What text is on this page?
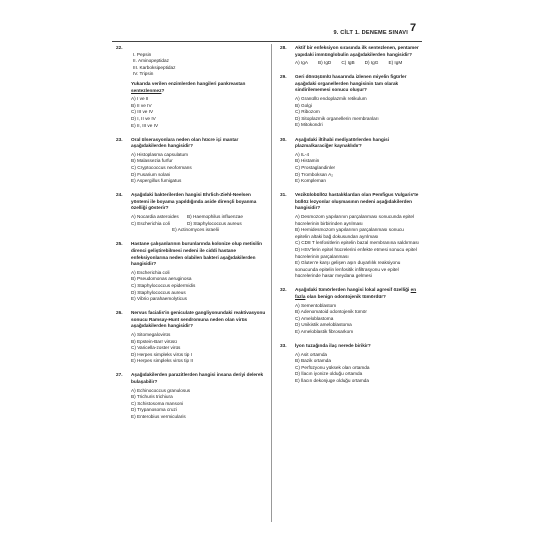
9. CİLT 1. DENEME SINAVI 7
22.
I. Pepsin
II. Aminopeptidaz
III. Karboksipeptidaz
IV. Tripsin
Yukarıda verilen enzimlerden hangileri pankreastan sentezlenmez?
A) I ve II
B) II ve IV
C) III ve IV
D) I, II ve IV
E) II, III ve IV
23.	Oral ülserasyonlara neden olan hücre içi mantar aşağıdakilerden hangisidir?
A) Histoplasma capsulatum
B) Malassezia furfur
C) Cryptococcus neoformans
D) Fusarium solani
E) Aspergillus fumigatus
24.	Aşağıdaki bakterilerden hangisi Ehrlich-Ziehl-Neelsen yöntemi ile boyama yapıldığında aside dirençli boyanma özelliği gösterir?
A) Nocardia asteroides	B) Haemophilus influenzae
C) Escherichia coli	D) Staphylococcus aureus
E) Actinomyces israelii
25.	Hastane çalışanlarının burunlarında kolonize olup metisilin direnci geliştirebilmesi nedeni ile ciddi hastane enfeksiyonlarına neden olabilen bakteri aşağıdakilerden hangisidir?
A) Escherichia coli
B) Pseudomonas aeruginosa
C) Staphylococcus epidermidis
D) Staphylococcus aureus
E) Vibrio parahaemolyticus
26.	Nervus facialis'in geniculate gangliyonundaki reaktivasyonu sonucu Ramsay-Hunt sendromuna neden olan virüs aşağıdakilerden hangisidir?
A) Sitomegalovirüs
B) Epstein-Barr virüsü
C) Varicella-zoster virüs
D) Herpes simpleks virüs tip I
E) Herpes simpleks virüs tip II
27.	Aşağıdakilerden parazitlerden hangisi insana deriyi delerek bulaşabilir?
A) Echinococcus granulosus
B) Trichuris trichiura
C) Schistosoma mansoni
D) Trypanosoma cruzi
E) Enterobius vermicularis
28.	Aktif bir enfeksiyon sırasında ilk sentezlenen, pentamer yapıdaki immünglobulin aşağıdakilerden hangisidir?
A) IgA B) IgD C) IgB D) IgG E) IgM
29.	Geri dönüşümlü hasarında izlenen miyelin figürler aşağıdaki organellerden hangisinin tam olarak sindirilememesi sonucu oluşur?
A) Granüllü endoplazmik retikulum
B) Golgi
C) Ribozom
D) Sitoplazmik organellerin membranları
E) Mitokondri
30.	Aşağıdaki iltihabi mediyatörlerden hangisi plazma/karaciğer kaynaklıdır?
A) IL-4
B) Histamin
C) Prostaglandinler
D) Tromboksan A₂
E) Kompleman
31.	Vezikülobüllöz hastalıklardan olan Pemfigus Vulgaris'te büllöz lezyonlar oluşmasının nedeni aşağıdakilerden hangisidir?
A) Desmozom yapılarının parçalanması sonucunda epitel hücrelerinin birbirinden ayrılması
B) Hemidesmozom yapılarının parçalanması sonucu epitelin altaki bağ dokusundan ayrılması
C) CD8 T lenfositlerin epitelin bazal membranına saldırması
D) HSV'lerin epitel hücrelerini enfekte etmesi sonucu epitel hücrelerinin parçalanması
E) Gluten'e karşı gelişen aşırı duyarlılık reaksiyonu sonucunda epitelin lenfositik infiltrasyonu ve epitel hücrelerinde hasar meydana gelmesi
32.	Aşağıdaki tümörlerden hangisi lokal agresif özelliği en fazla olan benign odontojenik tümördür?
A) Sementoblastom
B) Adenomatoid odontojenik tümör
C) Ameloblastoma
D) Unikistik ameloblastoma
E) Ameloblastik fibrosarkom
33.	İyon tuzağında ilaç nerede birikir?
A) Asit ortamda
B) Bazik ortamda
C) Perfüzyonu yüksek olan ortamda
D) İlacın iyonize olduğu ortamda
E) İlacın dekonjuge olduğu ortamda
